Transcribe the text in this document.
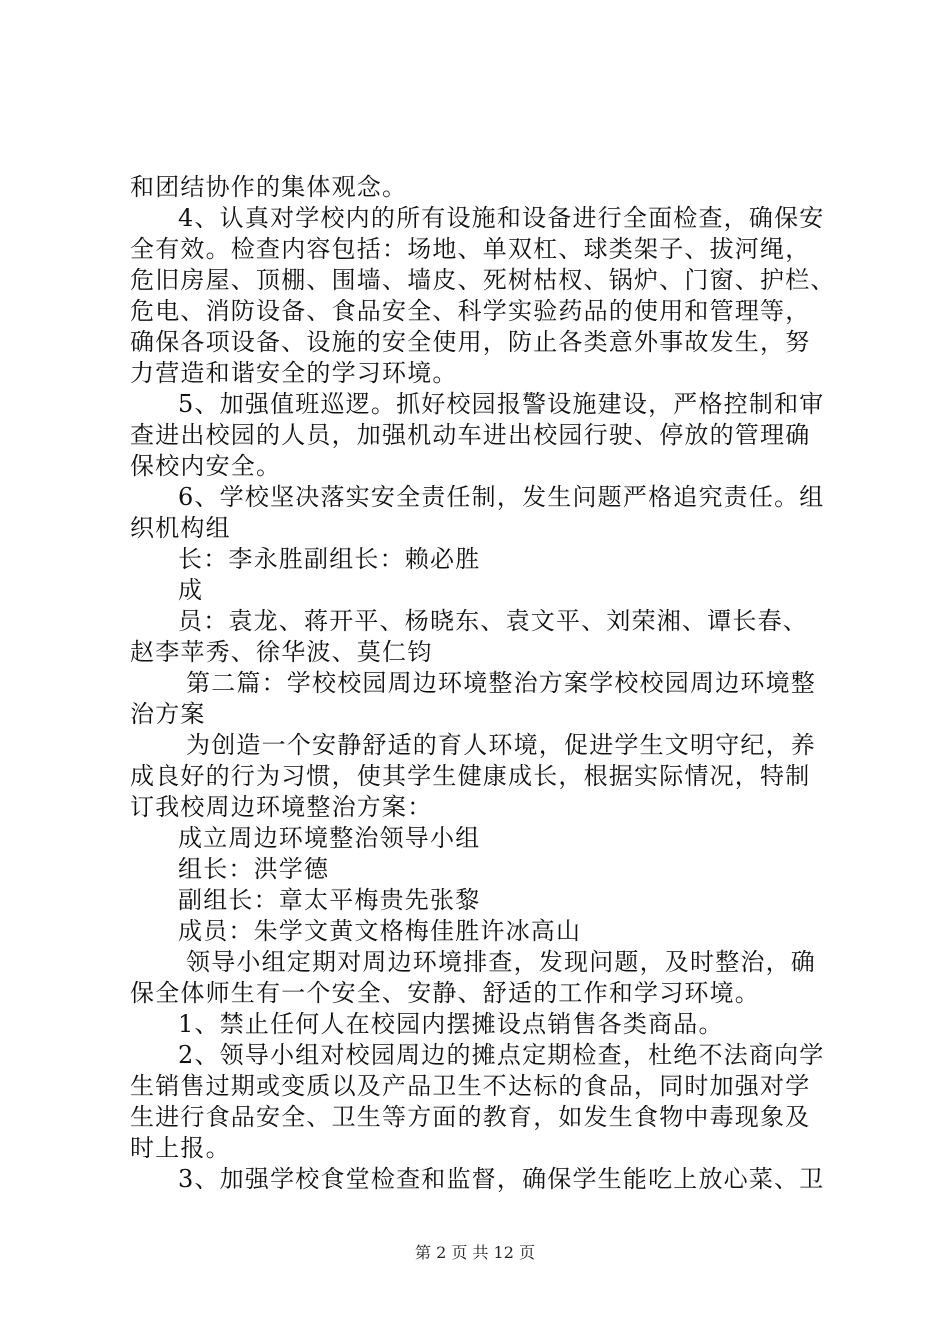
和团结协作的集体观念。
4、认真对学校内的所有设施和设备进行全面检查，确保安
全有效。检查内容包括：场地、单双杠、球类架子、拔河绳，
危旧房屋、顶棚、围墙、墙皮、死树枯杈、锅炉、门窗、护栏、
危电、消防设备、食品安全、科学实验药品的使用和管理等，
确保各项设备、设施的安全使用，防止各类意外事故发生，努
力营造和谐安全的学习环境。
5、加强值班巡逻。抓好校园报警设施建设，严格控制和审
查进出校园的人员，加强机动车进出校园行驶、停放的管理确
保校内安全。
6、学校坚决落实安全责任制，发生问题严格追究责任。组
织机构组
长：李永胜副组长：赖必胜
成
员：袁龙、蒋开平、杨晓东、袁文平、刘荣湘、谭长春、
赵李苹秀、徐华波、莫仁钧
第二篇：学校校园周边环境整治方案学校校园周边环境整
治方案
为创造一个安静舒适的育人环境，促进学生文明守纪，养
成良好的行为习惯，使其学生健康成长，根据实际情况，特制
订我校周边环境整治方案：
成立周边环境整治领导小组
组长：洪学德
副组长：章太平梅贵先张黎
成员：朱学文黄文格梅佳胜许冰高山
领导小组定期对周边环境排查，发现问题，及时整治，确
保全体师生有一个安全、安静、舒适的工作和学习环境。
1、禁止任何人在校园内摆摊设点销售各类商品。
2、领导小组对校园周边的摊点定期检查，杜绝不法商向学
生销售过期或变质以及产品卫生不达标的食品，同时加强对学
生进行食品安全、卫生等方面的教育，如发生食物中毒现象及
时上报。
3、加强学校食堂检查和监督，确保学生能吃上放心菜、卫
第 2 页 共 12 页
